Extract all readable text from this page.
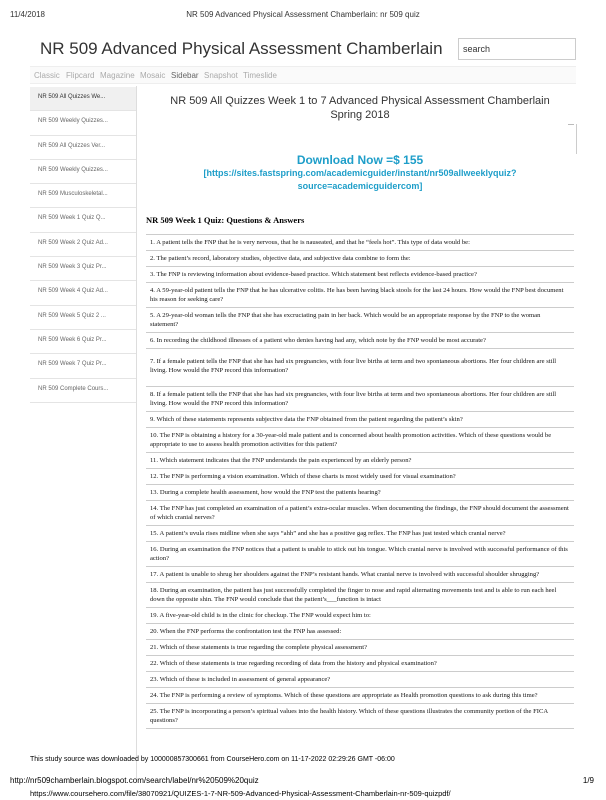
11/4/2018	NR 509 Advanced Physical Assessment Chamberlain: nr 509 quiz
NR 509 Advanced Physical Assessment Chamberlain	search
Classic Flipcard Magazine Mosaic Sidebar Snapshot Timeslide
NR 509 All Quizzes We...
NR 509 Weekly Quizzes...
NR 509 All Quizzes Ver...
NR 509 Weekly Quizzes...
NR 509 Musculoskeletal...
NR 509 Week 1 Quiz Q...
NR 509 Week 2 Quiz Ad...
NR 509 Week 3 Quiz Pr...
NR 509 Week 4 Quiz Ad...
NR 509 Week 5 Quiz 2 ...
NR 509 Week 6 Quiz Pr...
NR 509 Week 7 Quiz Pr...
NR 509 Complete Cours...
NR 509 All Quizzes Week 1 to 7 Advanced Physical Assessment Chamberlain Spring 2018
Download Now =$ 155
[https://sites.fastspring.com/academicguider/instant/nr509allweeklyquiz?source=academicguidercom]
NR 509 Week 1 Quiz: Questions & Answers
1. A patient tells the FNP that he is very nervous, that he is nauseated, and that he “feels hot”. This type of data would be:
2. The patient’s record, laboratory studies, objective data, and subjective data combine to form the:
3. The FNP is reviewing information about evidence-based practice. Which statement best reflects evidence-based practice?
4. A 59-year-old patient tells the FNP that he has ulcerative colitis. He has been having black stools for the last 24 hours. How would the FNP best document his reason for seeking care?
5. A 29-year-old woman tells the FNP that she has excruciating pain in her back. Which would be an appropriate response by the FNP to the woman statement?
6. In recording the childhood illnesses of a patient who denies having had any, which note by the FNP would be most accurate?
7. If a female patient tells the FNP that she has had six pregnancies, with four live births at term and two spontaneous abortions. Her four children are still living. How would the FNP record this information?
8. If a female patient tells the FNP that she has had six pregnancies, with four live births at term and two spontaneous abortions. Her four children are still living. How would the FNP record this information?
9. Which of these statements represents subjective data the FNP obtained from the patient regarding the patient’s skin?
10. The FNP is obtaining a history for a 30-year-old male patient and is concerned about health promotion activities. Which of these questions would be appropriate to use to assess health promotion activities for this patient?
11. Which statement indicates that the FNP understands the pain experienced by an elderly person?
12. The FNP is performing a vision examination. Which of these charts is most widely used for visual examination?
13. During a complete health assessment, how would the FNP test the patients hearing?
14. The FNP has just completed an examination of a patient’s extra-ocular muscles. When documenting the findings, the FNP should document the assessment of which cranial nerves?
15. A patient’s uvula rises midline when she says “ahh” and she has a positive gag reflex. The FNP has just tested which cranial nerve?
16. During an examination the FNP notices that a patient is unable to stick out his tongue. Which cranial nerve is involved with successful performance of this action?
17. A patient is unable to shrug her shoulders against the FNP’s resistant hands. What cranial nerve is involved with successful shoulder shrugging?
18. During an examination, the patient has just successfully completed the finger to nose and rapid alternating movements test and is able to run each heel down the opposite shin. The FNP would conclude that the patient’s___function is intact
19. A five-year-old child is in the clinic for checkup. The FNP would expect him to:
20. When the FNP performs the confrontation test the FNP has assessed:
21. Which of these statements is true regarding the complete physical assessment?
22. Which of these statements is true regarding recording of data from the history and physical examination?
23. Which of these is included in assessment of general appearance?
24. The FNP is performing a review of symptoms. Which of these questions are appropriate as Health promotion questions to ask during this time?
25. The FNP is incorporating a person’s spiritual values into the health history. Which of these questions illustrates the community portion of the FICA questions?
This study source was downloaded by 100000857300661 from CourseHero.com on 11-17-2022 02:29:26 GMT -06:00
http://nr509chamberlain.blogspot.com/search/label/nr%20509%20quiz	1/9
https://www.coursehero.com/file/38070921/QUIZES-1-7-NR-509-Advanced-Physical-Assessment-Chamberlain-nr-509-quizpdf/
